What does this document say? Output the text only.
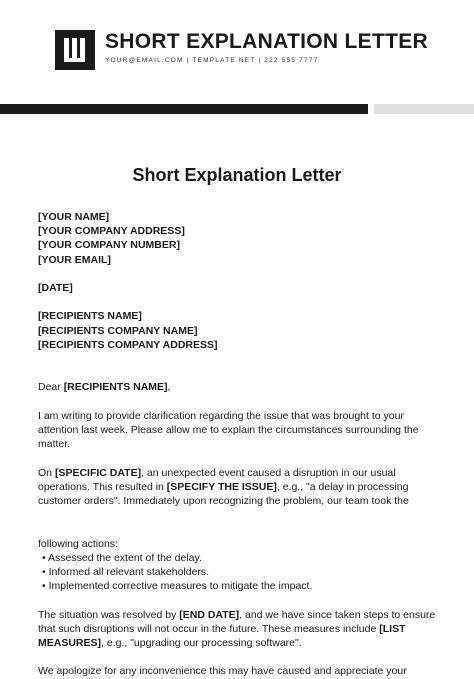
SHORT EXPLANATION LETTER
YOUR@EMAIL.COM | TEMPLATE.NET | 222 555 7777
Short Explanation Letter

[YOUR NAME]

[YOUR COMPANY ADDRESS]

[YOUR COMPANY NUMBER]

[YOUR EMAIL]

[DATE]

[RECIPIENTS NAME]

[RECIPIENTS COMPANY NAME]

[RECIPIENTS COMPANY ADDRESS]

Dear [RECIPIENTS NAME],

I am writing to provide clarification regarding the issue that was brought to your attention last week. Please allow me to explain the circumstances surrounding the matter.

On [SPECIFIC DATE], an unexpected event caused a disruption in our usual operations. This resulted in [SPECIFY THE ISSUE], e.g., "a delay in processing customer orders". Immediately upon recognizing the problem, our team took the

following actions:

• Assessed the extent of the delay.
• Informed all relevant stakeholders.
• Implemented corrective measures to mitigate the impact.

The situation was resolved by [END DATE], and we have since taken steps to ensure that such disruptions will not occur in the future. These measures include [LIST MEASURES], e.g., "upgrading our processing software".

We apologize for any inconvenience this may have caused and appreciate your
